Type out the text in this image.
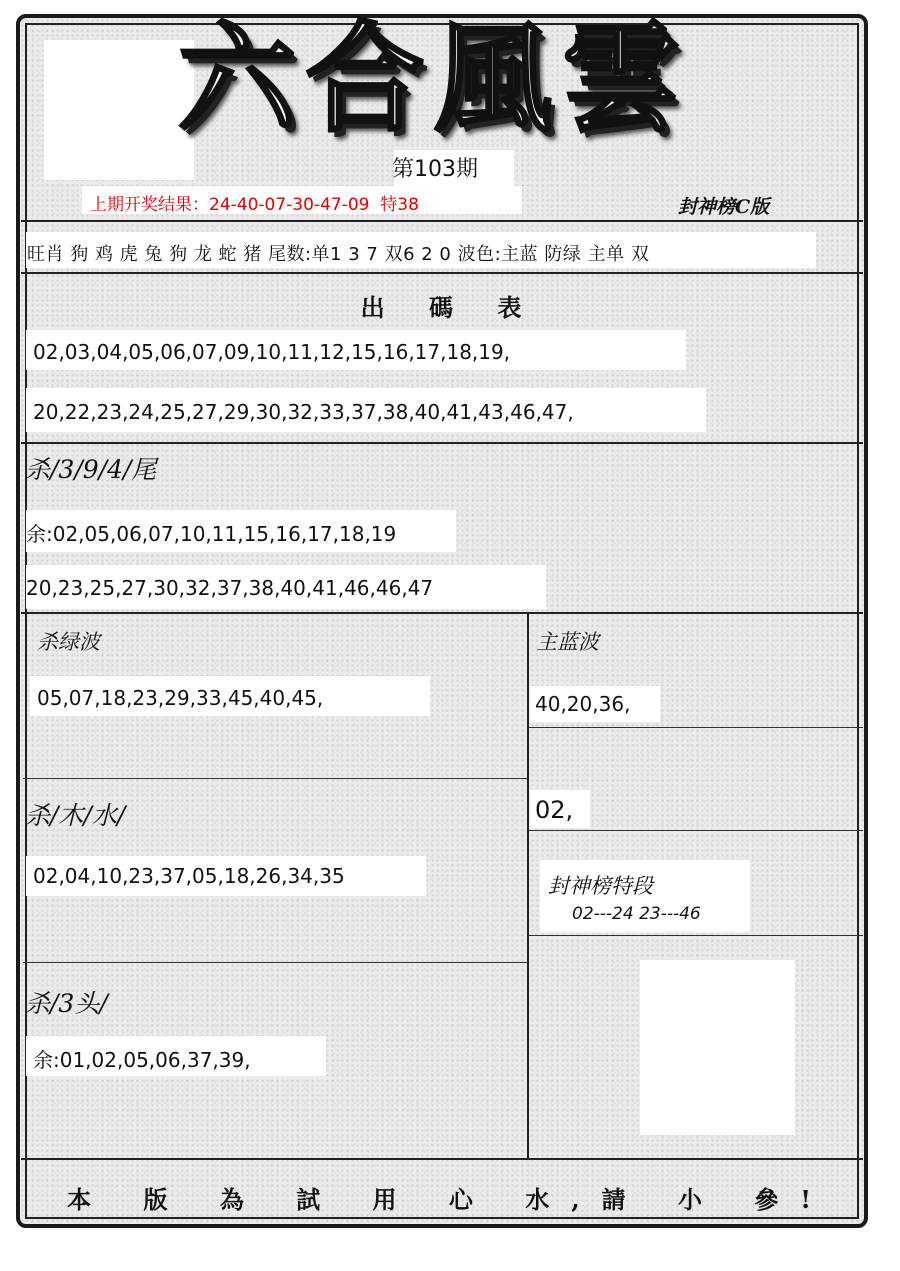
六合風雲
第103期
上期开奖结果：24-40-07-30-47-09 特38	封神榜C版
旺肖 狗 鸡 虎 兔 狗 龙 蛇 猪 尾数:单1 3 7 双6 2 0 波色:主蓝 防绿 主单 双
出 碼 表
02,03,04,05,06,07,09,10,11,12,15,16,17,18,19,
20,22,23,24,25,27,29,30,32,33,37,38,40,41,43,46,47,
杀/3/9/4/尾
余:02,05,06,07,10,11,15,16,17,18,19
20,23,25,27,30,32,37,38,40,41,46,46,47
杀绿波
05,07,18,23,29,33,45,40,45,
主蓝波
40,20,36,
02,
杀/木/水/
02,04,10,23,37,05,18,26,34,35	封神榜特段
02---24 23---46
杀/3头/
余:01,02,05,06,37,39,
本 版 為 試 用 心 水,請 小 參!
